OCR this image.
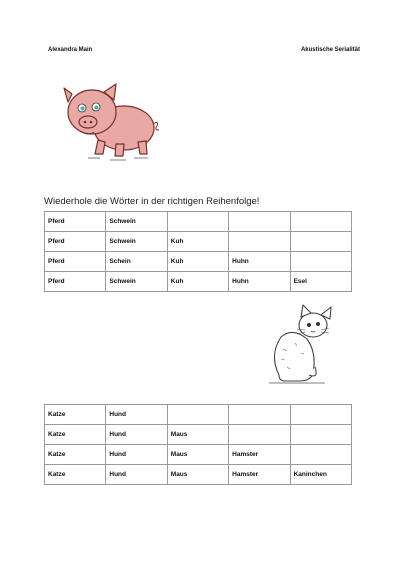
Alexandra Main	Akustische Serialität
Wiederhole die Wörter in der richtigen Reihenfolge!
Pferd	Schwein			
Pferd	Schwein	Kuh		
Pferd	Schein	Kuh	Huhn	
Pferd	Schwein	Kuh	Huhn	Esel
Katze	Hund			
Katze	Hund	Maus		
Katze	Hund	Maus	Hamster	
Katze	Hund	Maus	Hamster	Kaninchen
